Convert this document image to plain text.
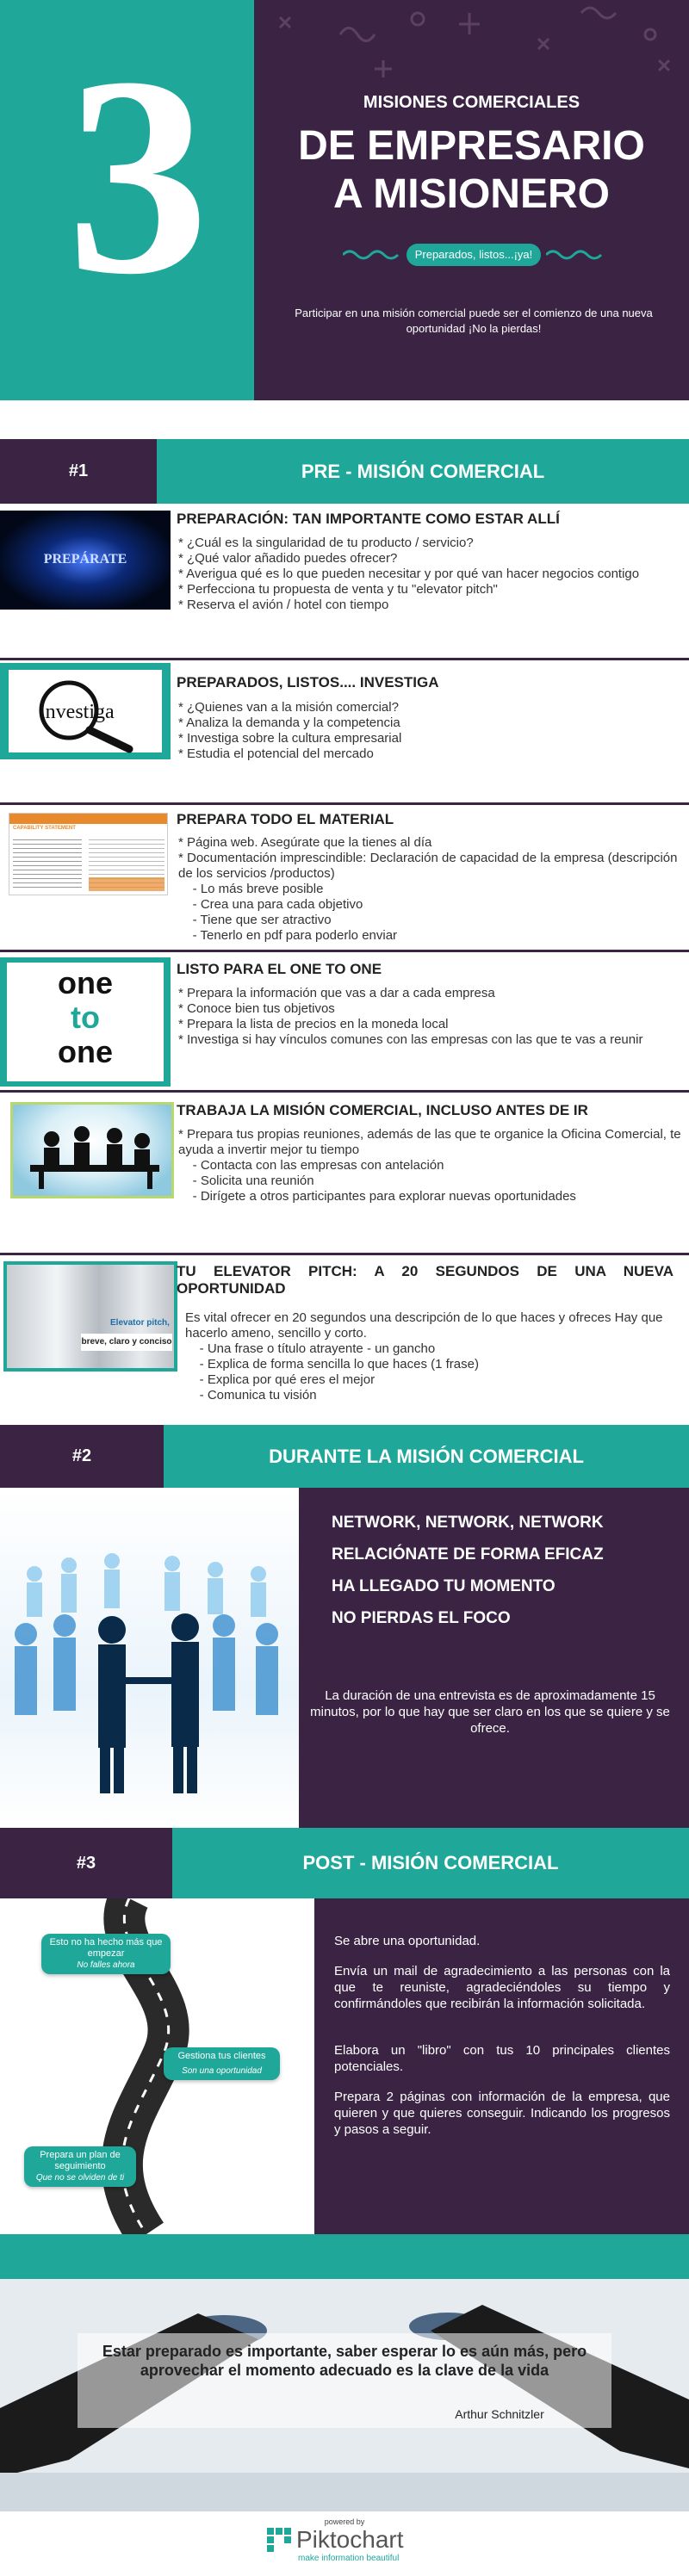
3	MISIONES COMERCIALES
DE EMPRESARIO
A MISIONERO
Preparados, listos...¡ya!
Participar en una misión comercial puede ser el comienzo de una nueva oportunidad ¡No la pierdas!
#1	PRE - MISIÓN COMERCIAL
PREPÁRATE
PREPARACIÓN: TAN IMPORTANTE COMO ESTAR ALLÍ
* ¿Cuál es la singularidad de tu producto / servicio?
* ¿Qué valor añadido puedes ofrecer?
* Averigua qué es lo que pueden necesitar y por qué van hacer negocios contigo
* Perfecciona tu propuesta de venta y tu "elevator pitch"
* Reserva el avión / hotel con tiempo
investiga
PREPARADOS, LISTOS.... INVESTIGA
* ¿Quienes van a la misión comercial?
* Analiza la demanda y la competencia
* Investiga sobre la cultura empresarial
* Estudia el potencial del mercado
CAPABILITY STATEMENT
PREPARA TODO EL MATERIAL
* Página web. Asegúrate que la tienes al día
* Documentación imprescindible: Declaración de capacidad de la empresa (descripción de los servicios /productos)
- Lo más breve posible
- Crea una para cada objetivo
- Tiene que ser atractivo
- Tenerlo en pdf para poderlo enviar
one
to
one
LISTO PARA EL ONE TO ONE
* Prepara la información que vas a dar a cada empresa
* Conoce bien tus objetivos
* Prepara la lista de precios en la moneda local
* Investiga si hay vínculos comunes con las empresas con las que te vas a reunir
TRABAJA LA MISIÓN COMERCIAL, INCLUSO ANTES DE IR
* Prepara tus propias reuniones, además de las que te organice la Oficina Comercial, te ayuda a invertir mejor tu tiempo
- Contacta con las empresas con antelación
- Solicita una reunión
- Dirígete a otros participantes para explorar nuevas oportunidades
Elevator pitch,
breve, claro y conciso
TU ELEVATOR PITCH: A 20 SEGUNDOS DE UNA NUEVA OPORTUNIDAD
Es vital ofrecer en 20 segundos una descripción de lo que haces y ofreces Hay que hacerlo ameno, sencillo y corto.
- Una frase o título atrayente - un gancho
- Explica de forma sencilla lo que haces (1 frase)
- Explica por qué eres el mejor
- Comunica tu visión
#2	DURANTE LA MISIÓN COMERCIAL
NETWORK, NETWORK, NETWORK
RELACIÓNATE DE FORMA EFICAZ
HA LLEGADO TU MOMENTO
NO PIERDAS EL FOCO
La duración de una entrevista es de aproximadamente 15 minutos, por lo que hay que ser claro en los que se quiere y se ofrece.
#3	POST - MISIÓN COMERCIAL
Esto no ha hecho más que empezar
No falles ahora
Gestiona tus clientes
Son una oportunidad
Prepara un plan de seguimiento
Que no se olviden de ti
Se abre una oportunidad.
Envía un mail de agradecimiento a las personas con la que te reuniste, agradeciéndoles su tiempo y confirmándoles que recibirán la información solicitada.
Elabora un "libro" con tus 10 principales clientes potenciales.
Prepara 2 páginas con información de la empresa, que quieren y que quieres conseguir. Indicando los progresos y pasos a seguir.
Estar preparado es importante, saber esperar lo es aún más, pero aprovechar el momento adecuado es la clave de la vida
Arthur Schnitzler
powered by
Piktochart
make information beautiful
